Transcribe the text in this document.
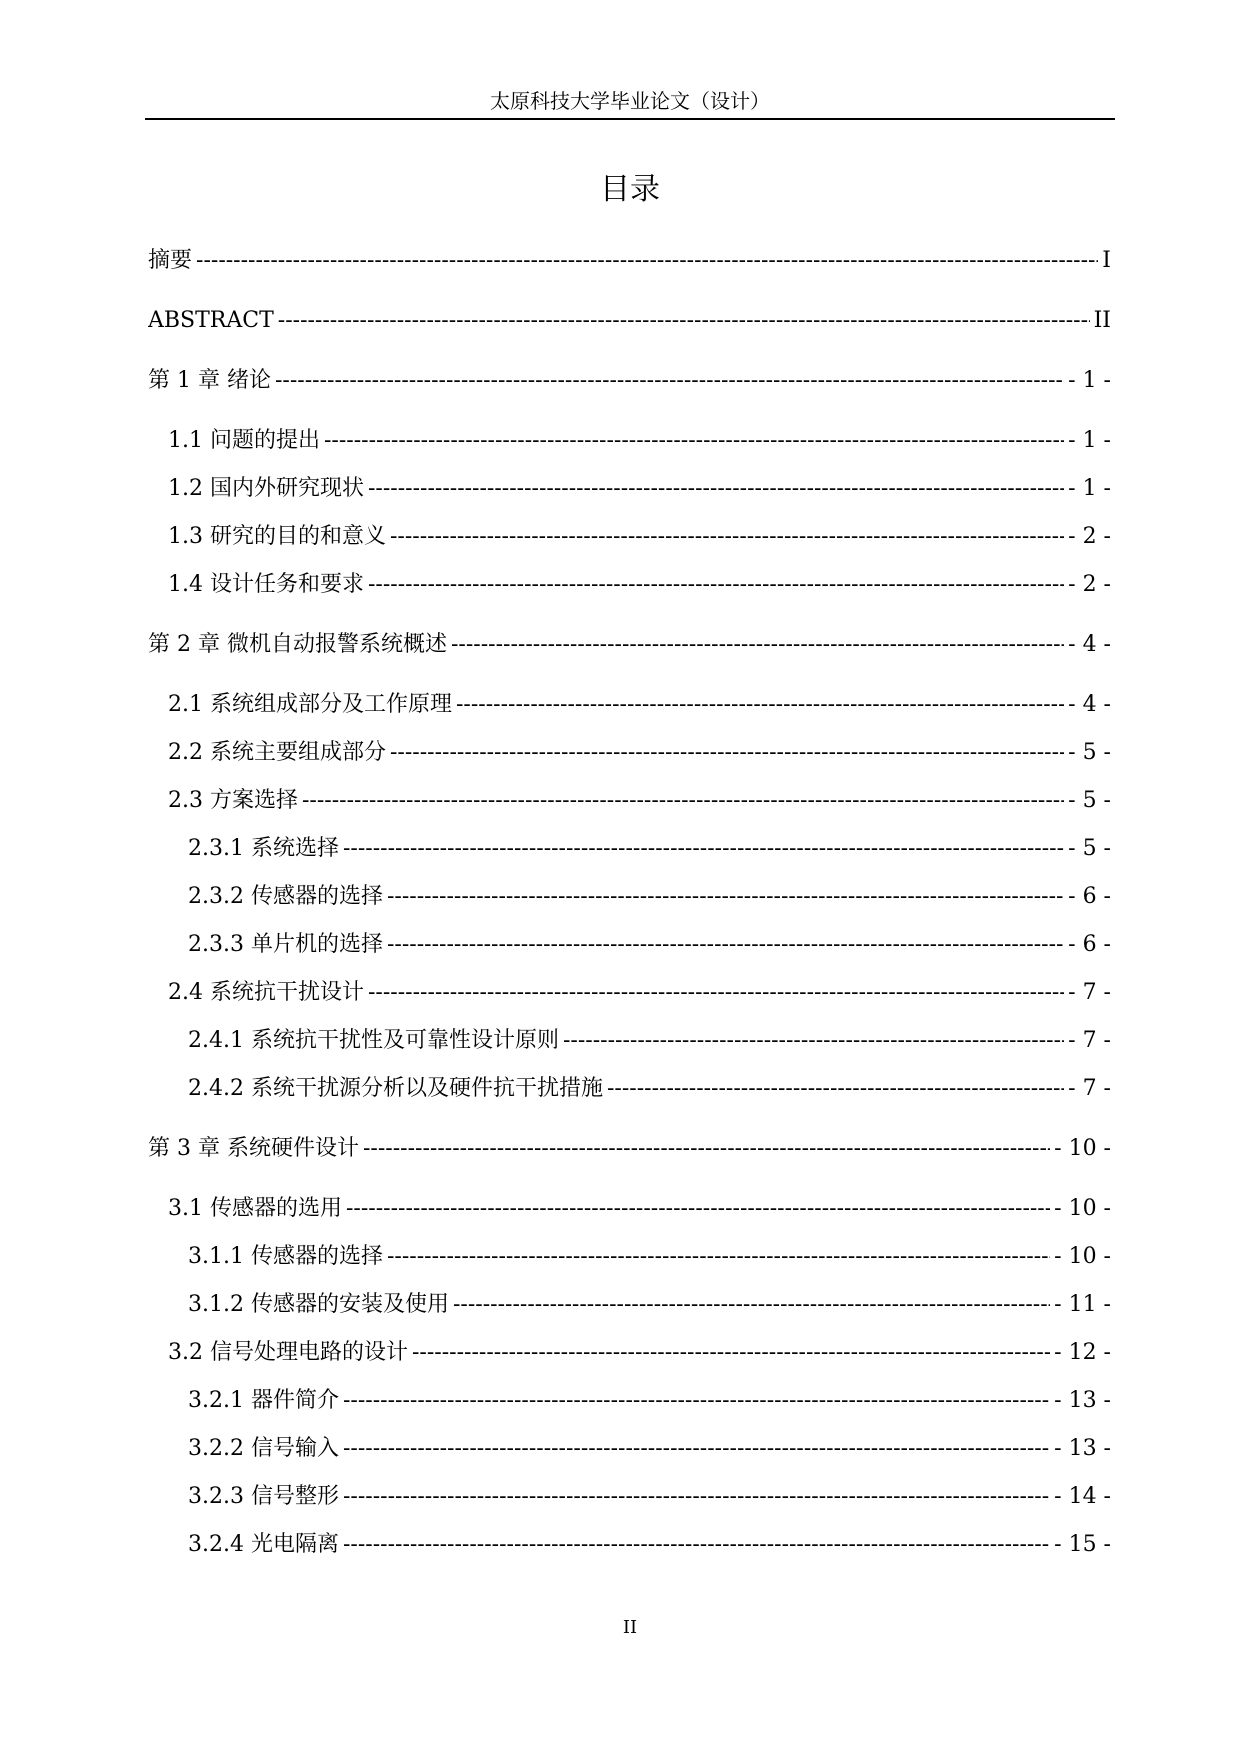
太原科技大学毕业论文（设计）
目录
摘要 -----	I
ABSTRACT -----	II
第 1 章 绪论 -----	- 1 -
1.1 问题的提出 -----	- 1 -
1.2 国内外研究现状 -----	- 1 -
1.3 研究的目的和意义 -----	- 2 -
1.4 设计任务和要求 -----	- 2 -
第 2 章 微机自动报警系统概述 -----	- 4 -
2.1 系统组成部分及工作原理 -----	- 4 -
2.2 系统主要组成部分 -----	- 5 -
2.3 方案选择 -----	- 5 -
2.3.1 系统选择 -----	- 5 -
2.3.2 传感器的选择 -----	- 6 -
2.3.3 单片机的选择 -----	- 6 -
2.4 系统抗干扰设计 -----	- 7 -
2.4.1 系统抗干扰性及可靠性设计原则 -----	- 7 -
2.4.2 系统干扰源分析以及硬件抗干扰措施 -----	- 7 -
第 3 章 系统硬件设计 -----	- 10 -
3.1 传感器的选用 -----	- 10 -
3.1.1 传感器的选择 -----	- 10 -
3.1.2 传感器的安装及使用 -----	- 11 -
3.2 信号处理电路的设计 -----	- 12 -
3.2.1 器件简介 -----	- 13 -
3.2.2 信号输入 -----	- 13 -
3.2.3 信号整形 -----	- 14 -
3.2.4 光电隔离 -----	- 15 -
II
